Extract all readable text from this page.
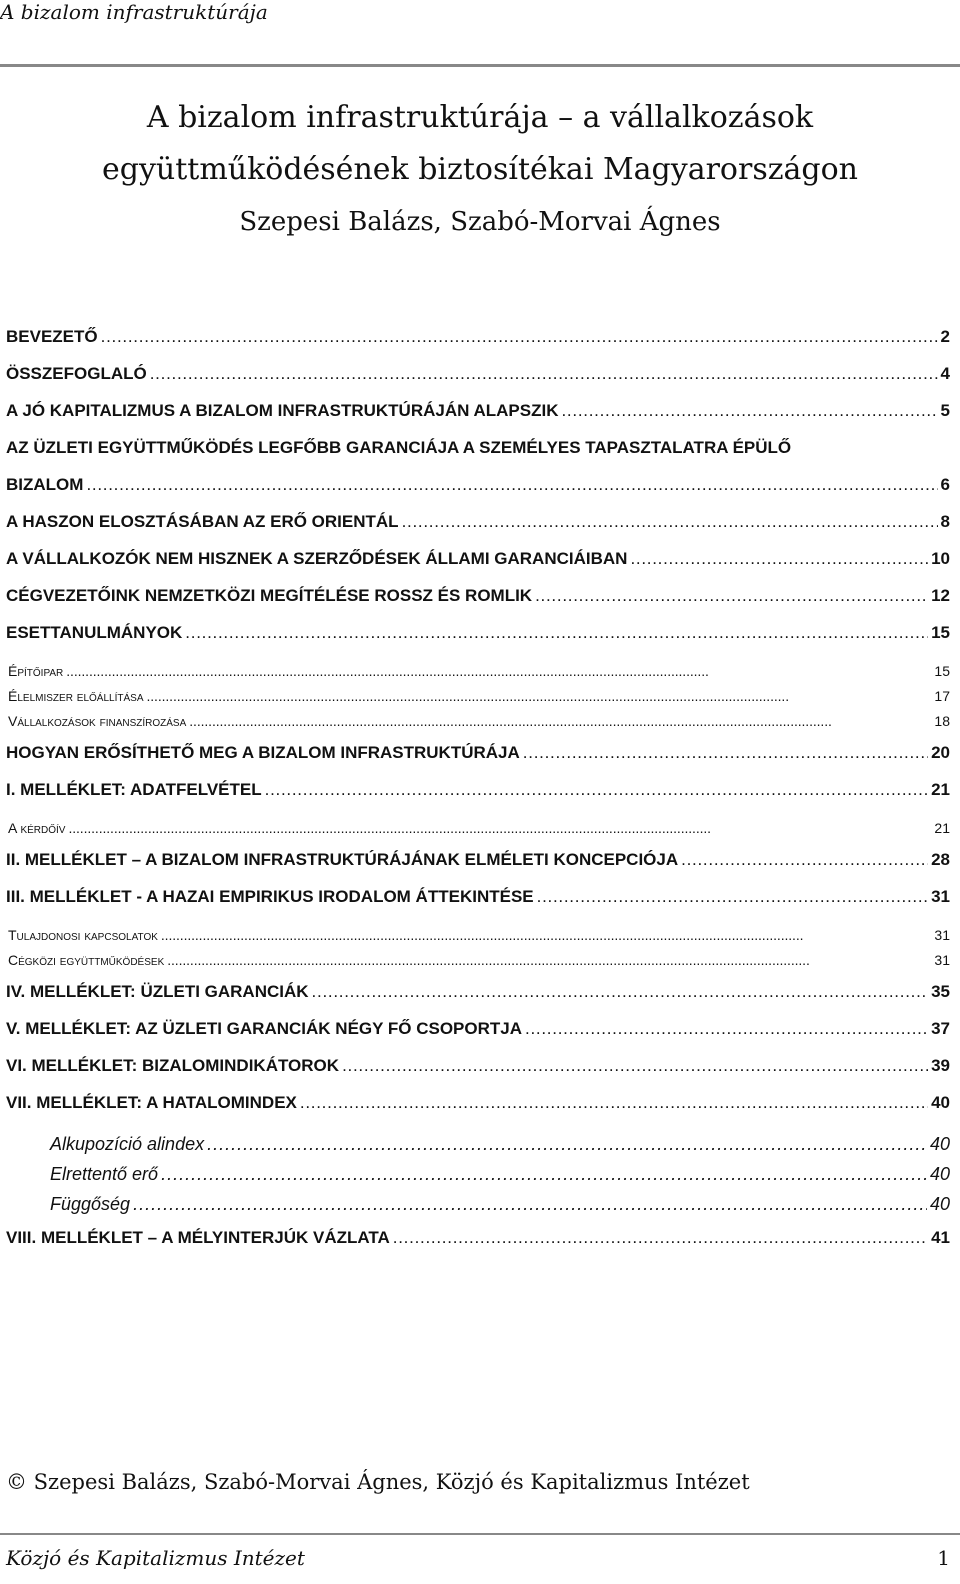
A bizalom infrastruktúrája
A bizalom infrastruktúrája – a vállalkozások
együttműködésének biztosítékai Magyarországon
Szepesi Balázs, Szabó-Morvai Ágnes
BEVEZETŐ . . .	2
ÖSSZEFOGLALÓ . . .	4
A JÓ KAPITALIZMUS A BIZALOM INFRASTRUKTÚRÁJÁN ALAPSZIK . . .	5
AZ ÜZLETI EGYÜTTMŰKÖDÉS LEGFŐBB GARANCIÁJA A SZEMÉLYES TAPASZTALATRA ÉPÜLŐ
BIZALOM . . .	6
A HASZON ELOSZTÁSÁBAN AZ ERŐ ORIENTÁL . . .	8
A VÁLLALKOZÓK NEM HISZNEK A SZERZŐDÉSEK ÁLLAMI GARANCIÁIBAN . . .	10
CÉGVEZETŐINK NEMZETKÖZI MEGÍTÉLÉSE ROSSZ ÉS ROMLIK . . .	12
ESETTANULMÁNYOK . . .	15
Építőipar . . .	15
Élelmiszer előállítása . . .	17
Vállalkozások finanszírozása . . .	18
HOGYAN ERŐSÍTHETŐ MEG A BIZALOM INFRASTRUKTÚRÁJA . . .	20
I. MELLÉKLET: ADATFELVÉTEL . . .	21
A kérdőív . . .	21
II. MELLÉKLET – A BIZALOM INFRASTRUKTÚRÁJÁNAK ELMÉLETI KONCEPCIÓJA . . .	28
III. MELLÉKLET - A HAZAI EMPIRIKUS IRODALOM ÁTTEKINTÉSE . . .	31
Tulajdonosi kapcsolatok . . .	31
Cégközi együttműködések . . .	31
IV. MELLÉKLET: ÜZLETI GARANCIÁK . . .	35
V. MELLÉKLET: AZ ÜZLETI GARANCIÁK NÉGY FŐ CSOPORTJA . . .	37
VI. MELLÉKLET: BIZALOMINDIKÁTOROK . . .	39
VII. MELLÉKLET: A HATALOMINDEX . . .	40
Alkupozíció alindex . . .	40
Elrettentő erő . . .	40
Függőség . . .	40
VIII. MELLÉKLET – A MÉLYINTERJÚK VÁZLATA . . .	41
© Szepesi Balázs, Szabó-Morvai Ágnes, Közjó és Kapitalizmus Intézet
Közjó és Kapitalizmus Intézet	1
